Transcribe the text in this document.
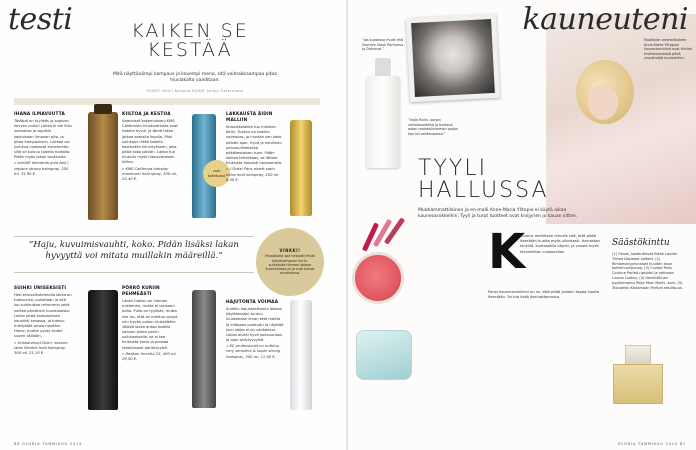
testi	KAIKEN SE KESTÄÄ
Mitä näyttävämpi kampaus ja kovempi meno, sitä voimakkaampaa pitoa hiuslakalta vaaditaan.
TEKSTI Heini Korpela KUVAT Jarmo Östermann
IHANA ILMAVUUTTA
Täsläpä on tyylikäs ja sopivan kevyen pulloi! Lakka ei ole liian voimakas ja sopiikin kostuisaan ilmavan pito- ja pitoa kampauksiin. Lakkaa voi suihkua nuokasta ennemmän, sillä se kuivuu todella hoikalla. Pidän myös lakan tuoksusta.
» sbHAIR elements gold fast | replace strong hairspray, 250 ml, 31,90 €.
KIILTOA JA KESTOA
Aamiaiset kokemukseni KMS Californian hiustuotteista ovat todella hyviä, ja tämä lakka jatkaa samalla linjalla. Pitoi suihkaus riitää todella kestävään kiinnitykseen, joka pitää koko päivän. Lakka tuo hiuksiin myös hienovaraisen kiillon.
» KMS California hairstay maximum hold spray, 300 ml, 25,40 €.
cool kokeilussa
LAKKAUSTA ÄIDIN MALLIIN
Klassikkolakka tuo mieleen äitini. Tuoksu on todella voimakas, ja hiustan sen koko päivän ajan. Hyvä ja edullinen perussuihkelakka pitkäkestoisen tuen. Pidän lakkaa tehokkaas, se lähtee hiuksista helposti harjaamalla.
» L'Oréal Paris elnett satin extra hold hairspray, 250 ml, 6,40 €.
”Haju, kuvuimisvauhti, koko. Pidän lisäksi lakan hyvyyttä voi mitata muillakin määreillä.”
VINKKI!
Hiuslakalla saa helposti myös kuivahampuun kurin: suihkauta hieman lakkaa kuivahampuun ja sudi kuivat muotoonsa.
SUIHKI UNISEKSISTI
Heti ensivaikutelmalla lakka on tuoksunsa, pulloltaan ja sitä voi suihkuttaa reilummin sekä vaikka päivänkin kuontaloista. Lakka pitää kampauksen kauniisti kasassa, ja tuoksu miellyttää omaa nenääni. Hieno, muttei pysty sinäni suorin säiliöön.
» Schwarzkopf Osis+ session label flexible hold hairspray, 300 ml, 21,10 €.
PÖRRÖ KURIIN PEHMEÄSTI
Lakan tuoksu on hieman mieleinen, mutta ei lainkaan paha. Pullo on tyylikäs, mutta isin iso, että se mahtuu pysyä niin hyvän pullon hiuksillekin. Väikkä lakka antaa todella vahvan pidon pariin suihkauksella, se ei tee hiuksista kovia ja poistaa tehokkaasti pörröisyyttä.
» Redken forceful 23, 400 ml, 29,50 €.
HAJUTONTA VOIMAA
Suihkin hajusteettomia lakkaa käyttäessäni tuntuu hiuskohdan ilman että maltta ja kiiltoaan pudeudu ja näyttää kuin lakka ei on värikelkun. Lakka aluksi hyvä paksuuntaa, ja ajan säilytyvyyttä.
» KC professional no nothing very sensitive & super strong hairspray, 300 ml, 11,90 €.
86 GLORIA TAMMIKUU 2014
kauneuteni
”Jos suosessa mulle ehti Suomen Sokoi Parfumus ja Dirtcbusi.”
”Indie Ricks -sarjan vartalovoidetta ja tuoksua ostan mahdollisimman paljon kan tai ostikaupassa.”
Muotialan ammattilainen Anne-Maria Ylitapion kauneutarutiinit ovat tiiviisti hiukkeukeskistä pitkä ympäristöä kuulostelen.
TYYLI HALLUSSA
Muotiammattilainen ja en-malli Anne-Maria Ylitapio ei käytä aikaa kauneusrokkeihin. Tyyli ja turut tuotteet ovat kivijyrien jo kauan sitten.
K
auneus merkitsee minulle sitä, että pitää itsestään huolta myös ulkoisesti. Harrastan lenkillä, kuntosalilla käynti, ja vuosia myös terveellisen ruokavalion.
Paras kauneusvinkkini on se, että pitää jollakin tapaa huolta itsestään. Se tuo lisää itseluottamusta.
Säästökinttu
(1) Ohuet, kosteuttavat Estée Lauder Tinted Daywear voiteet, (2) Rimlamacyprunaiset huulten kaun kolmiihuulipunaa, (3) Crystal Paris Couture Parfait ripsiväri ja nahkaan ruusun tuoksu, (4) Henkilöllinen pyykkimaksu Reijo Marc Mecis -koru. (5) Taivutettu Karjamaan Parfum edullisuus.
GLORIA TAMMIKUU 2014 87
